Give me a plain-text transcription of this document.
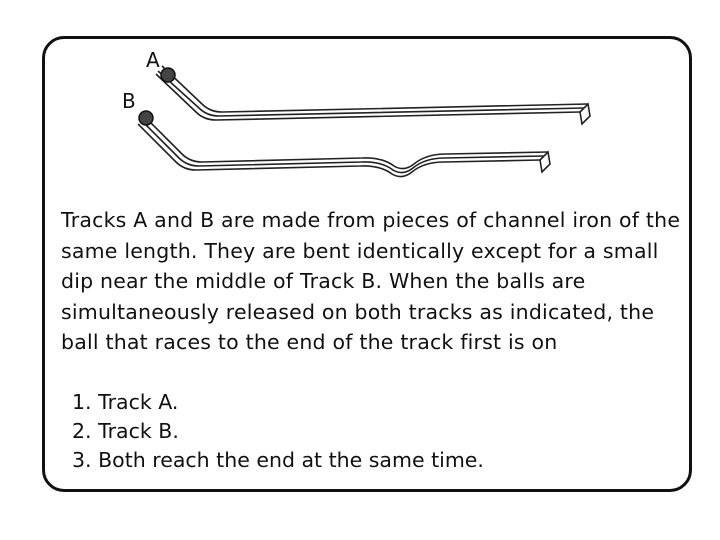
A
B
Tracks A and B are made from pieces of channel iron of the same length. They are bent identically except for a small dip near the middle of Track B. When the balls are simultaneously released on both tracks as indicated, the ball that races to the end of the track first is on
1. Track A.
2. Track B.
3. Both reach the end at the same time.
